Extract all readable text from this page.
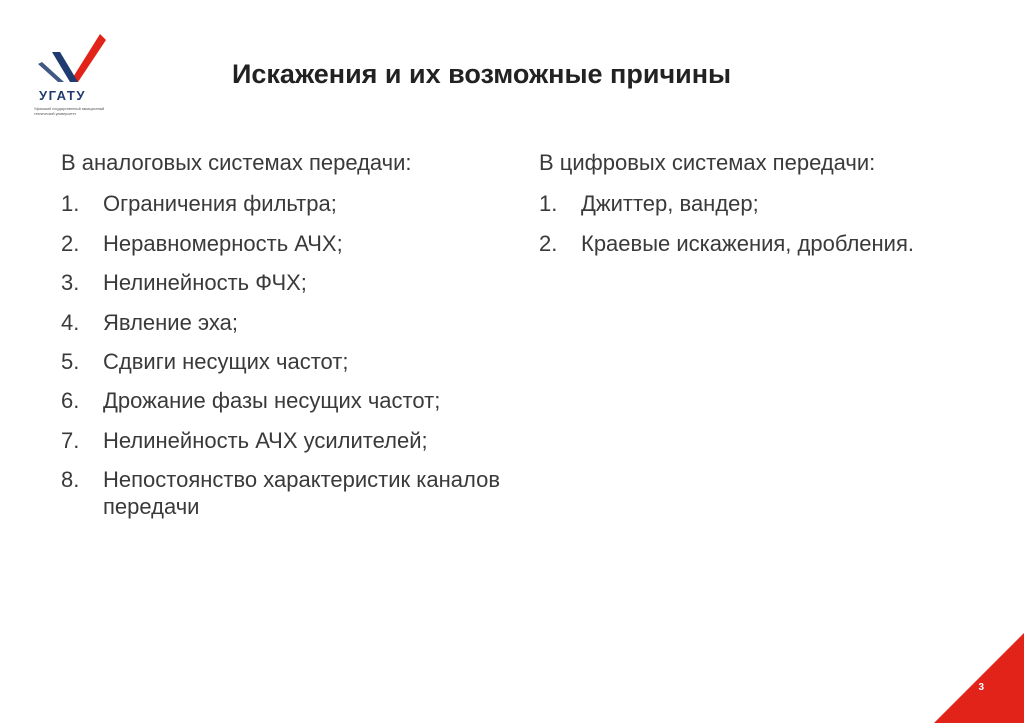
УГАТУ
Уфимский государственный авиационный технический университет
Искажения и их возможные причины
В аналоговых системах передачи:
1.	Ограничения фильтра;
2.	Неравномерность АЧХ;
3.	Нелинейность ФЧХ;
4.	Явление эха;
5.	Сдвиги несущих частот;
6.	Дрожание фазы несущих частот;
7.	Нелинейность АЧХ усилителей;
8.	Непостоянство характеристик каналов передачи
В цифровых системах передачи:
1.	Джиттер, вандер;
2.	Краевые искажения, дробления.
3
